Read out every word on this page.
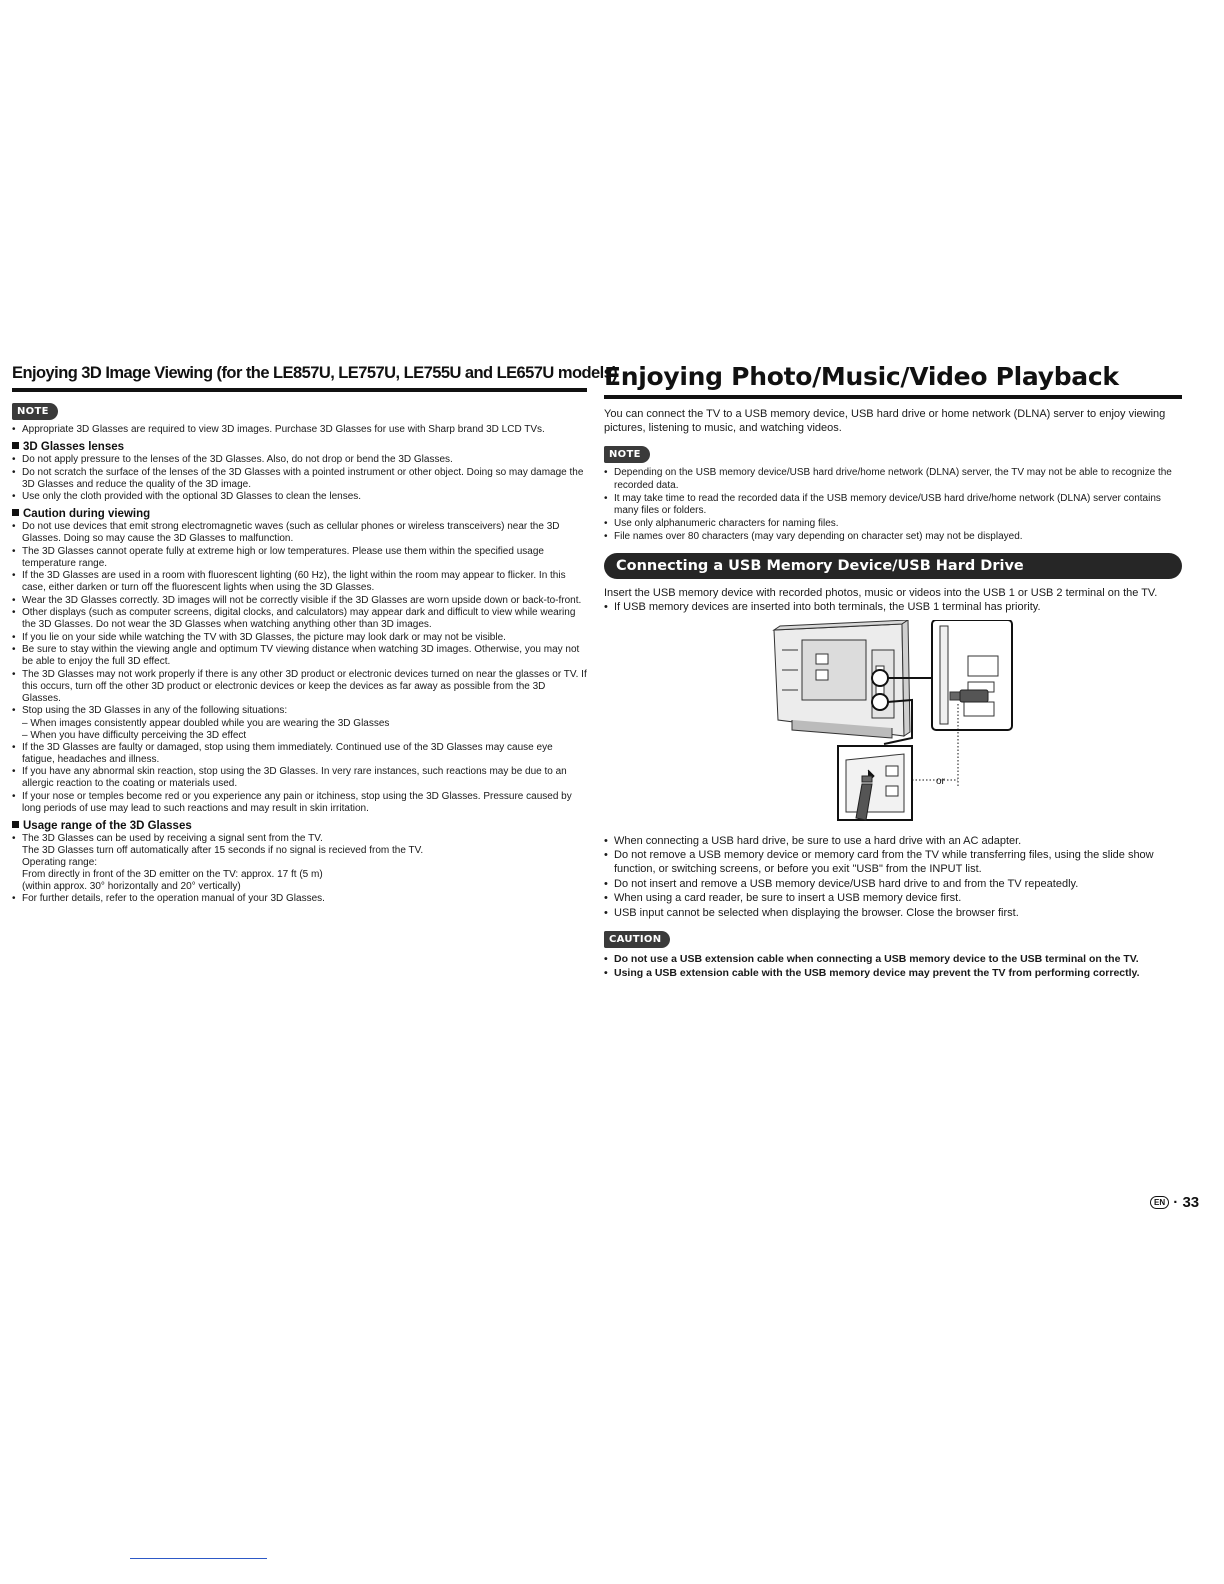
Enjoying 3D Image Viewing (for the LE857U, LE757U, LE755U and LE657U models)
NOTE
• Appropriate 3D Glasses are required to view 3D images. Purchase 3D Glasses for use with Sharp brand 3D LCD TVs.
3D Glasses lenses
• Do not apply pressure to the lenses of the 3D Glasses. Also, do not drop or bend the 3D Glasses.
• Do not scratch the surface of the lenses of the 3D Glasses with a pointed instrument or other object. Doing so may damage the 3D Glasses and reduce the quality of the 3D image.
• Use only the cloth provided with the optional 3D Glasses to clean the lenses.
Caution during viewing
• Do not use devices that emit strong electromagnetic waves (such as cellular phones or wireless transceivers) near the 3D Glasses. Doing so may cause the 3D Glasses to malfunction.
• The 3D Glasses cannot operate fully at extreme high or low temperatures. Please use them within the specified usage temperature range.
• If the 3D Glasses are used in a room with fluorescent lighting (60 Hz), the light within the room may appear to flicker. In this case, either darken or turn off the fluorescent lights when using the 3D Glasses.
• Wear the 3D Glasses correctly. 3D images will not be correctly visible if the 3D Glasses are worn upside down or back-to-front.
• Other displays (such as computer screens, digital clocks, and calculators) may appear dark and difficult to view while wearing the 3D Glasses. Do not wear the 3D Glasses when watching anything other than 3D images.
• If you lie on your side while watching the TV with 3D Glasses, the picture may look dark or may not be visible.
• Be sure to stay within the viewing angle and optimum TV viewing distance when watching 3D images. Otherwise, you may not be able to enjoy the full 3D effect.
• The 3D Glasses may not work properly if there is any other 3D product or electronic devices turned on near the glasses or TV. If this occurs, turn off the other 3D product or electronic devices or keep the devices as far away as possible from the 3D Glasses.
• Stop using the 3D Glasses in any of the following situations:
– When images consistently appear doubled while you are wearing the 3D Glasses
– When you have difficulty perceiving the 3D effect
• If the 3D Glasses are faulty or damaged, stop using them immediately. Continued use of the 3D Glasses may cause eye fatigue, headaches and illness.
• If you have any abnormal skin reaction, stop using the 3D Glasses. In very rare instances, such reactions may be due to an allergic reaction to the coating or materials used.
• If your nose or temples become red or you experience any pain or itchiness, stop using the 3D Glasses. Pressure caused by long periods of use may lead to such reactions and may result in skin irritation.
Usage range of the 3D Glasses
• The 3D Glasses can be used by receiving a signal sent from the TV.
The 3D Glasses turn off automatically after 15 seconds if no signal is recieved from the TV.
Operating range:
From directly in front of the 3D emitter on the TV: approx. 17 ft (5 m)
(within approx. 30° horizontally and 20° vertically)
• For further details, refer to the operation manual of your 3D Glasses.
Enjoying Photo/Music/Video Playback
You can connect the TV to a USB memory device, USB hard drive or home network (DLNA) server to enjoy viewing pictures, listening to music, and watching videos.
NOTE
• Depending on the USB memory device/USB hard drive/home network (DLNA) server, the TV may not be able to recognize the recorded data.
• It may take time to read the recorded data if the USB memory device/USB hard drive/home network (DLNA) server contains many files or folders.
• Use only alphanumeric characters for naming files.
• File names over 80 characters (may vary depending on character set) may not be displayed.
Connecting a USB Memory Device/USB Hard Drive
Insert the USB memory device with recorded photos, music or videos into the USB 1 or USB 2 terminal on the TV.
• If USB memory devices are inserted into both terminals, the USB 1 terminal has priority.
or
• When connecting a USB hard drive, be sure to use a hard drive with an AC adapter.
• Do not remove a USB memory device or memory card from the TV while transferring files, using the slide show function, or switching screens, or before you exit "USB" from the INPUT list.
• Do not insert and remove a USB memory device/USB hard drive to and from the TV repeatedly.
• When using a card reader, be sure to insert a USB memory device first.
• USB input cannot be selected when displaying the browser. Close the browser first.
CAUTION
• Do not use a USB extension cable when connecting a USB memory device to the USB terminal on the TV.
• Using a USB extension cable with the USB memory device may prevent the TV from performing correctly.
EN · 33
